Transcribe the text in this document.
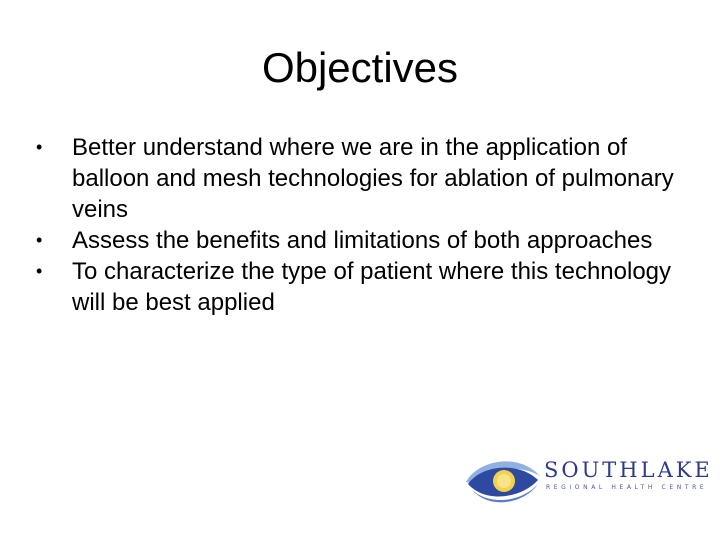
Objectives
•	Better understand where we are in the application of balloon and mesh technologies for ablation of pulmonary veins
•	Assess the benefits and limitations of both approaches
•	To characterize the type of patient where this technology will be best applied
SOUTHLAKE
REGIONAL HEALTH CENTRE
